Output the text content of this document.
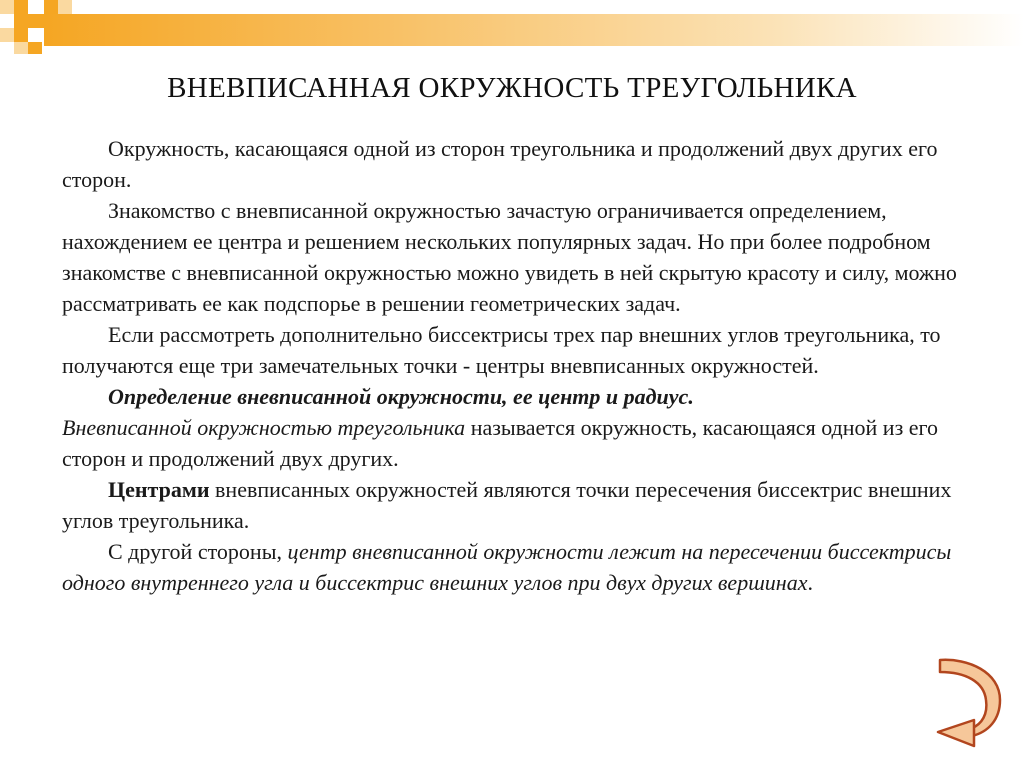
ВНЕВПИСАННАЯ ОКРУЖНОСТЬ ТРЕУГОЛЬНИКА

Окружность, касающаяся одной из сторон треугольника и продолжений двух других его сторон.

Знакомство с вневписанной окружностью зачастую ограничивается определением, нахождением ее центра и решением нескольких популярных задач. Но при более подробном знакомстве с вневписанной окружностью можно увидеть в ней скрытую красоту и силу, можно рассматривать ее как подспорье в решении геометрических задач.

Если рассмотреть дополнительно биссектрисы трех пар внешних углов треугольника, то получаются еще три замечательных точки - центры вневписанных окружностей.

Определение вневписанной окружности, ее центр и радиус.

Вневписанной окружностью треугольника называется окружность, касающаяся одной из его сторон и продолжений двух других.

Центрами вневписанных окружностей являются точки пересечения биссектрис внешних углов треугольника.

С другой стороны, центр вневписанной окружности лежит на пересечении биссектрисы одного внутреннего угла и биссектрис внешних углов при двух других вершинах.
